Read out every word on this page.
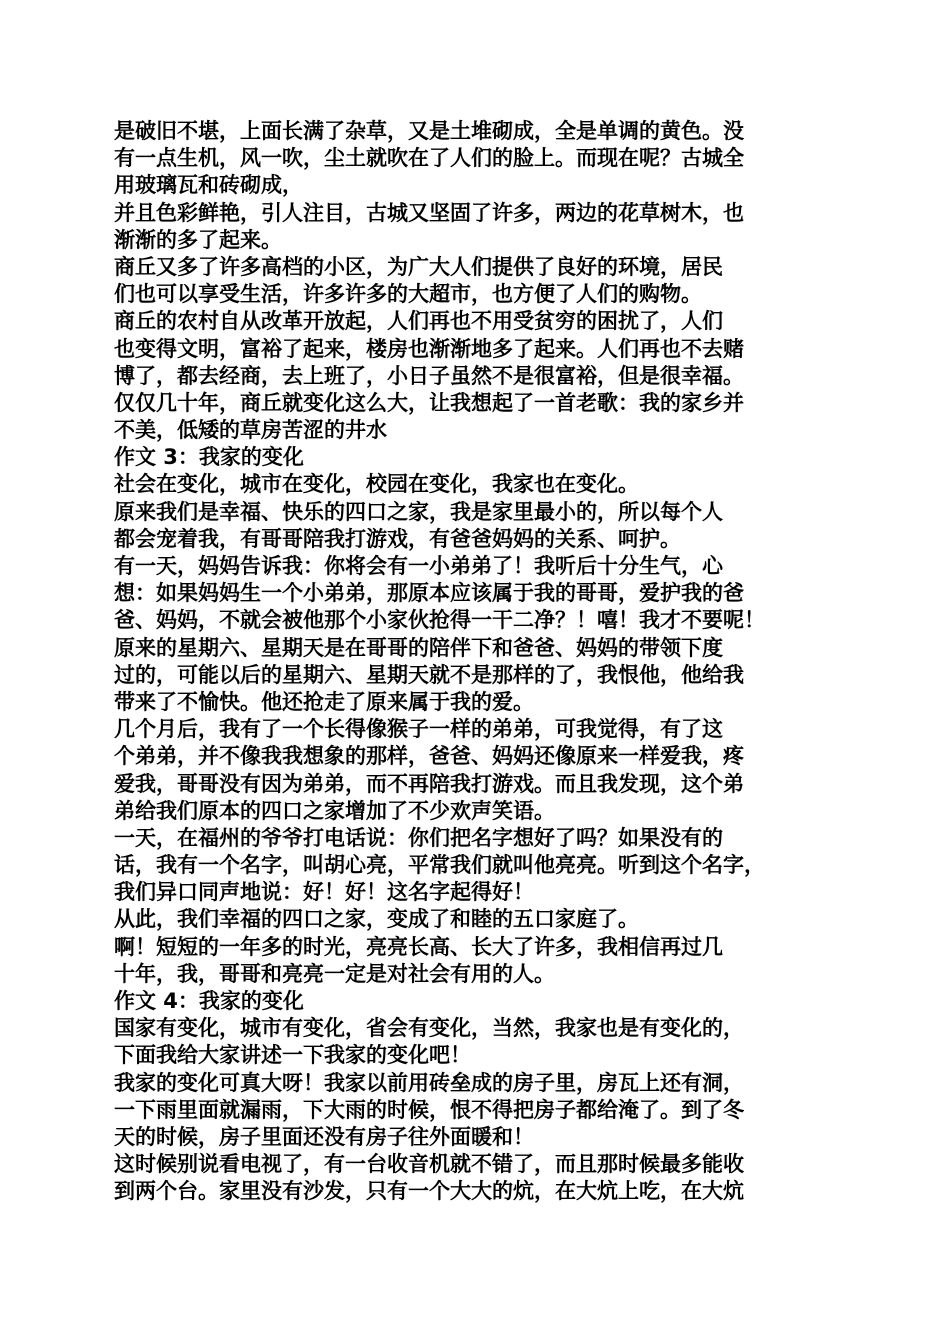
是破旧不堪，上面长满了杂草，又是土堆砌成，全是单调的黄色。没
有一点生机，风一吹，尘土就吹在了人们的脸上。而现在呢？古城全
用玻璃瓦和砖砌成，
并且色彩鲜艳，引人注目，古城又坚固了许多，两边的花草树木，也
渐渐的多了起来。
商丘又多了许多高档的小区，为广大人们提供了良好的环境，居民
们也可以享受生活，许多许多的大超市，也方便了人们的购物。
商丘的农村自从改革开放起，人们再也不用受贫穷的困扰了，人们
也变得文明，富裕了起来，楼房也渐渐地多了起来。人们再也不去赌
博了，都去经商，去上班了，小日子虽然不是很富裕，但是很幸福。
仅仅几十年，商丘就变化这么大，让我想起了一首老歌：我的家乡并
不美，低矮的草房苦涩的井水
作文 3：我家的变化
社会在变化，城市在变化，校园在变化，我家也在变化。
原来我们是幸福、快乐的四口之家，我是家里最小的，所以每个人
都会宠着我，有哥哥陪我打游戏，有爸爸妈妈的关系、呵护。
有一天，妈妈告诉我：你将会有一小弟弟了！我听后十分生气，心
想：如果妈妈生一个小弟弟，那原本应该属于我的哥哥，爱护我的爸
爸、妈妈，不就会被他那个小家伙抢得一干二净？！嘻！我才不要呢！
原来的星期六、星期天是在哥哥的陪伴下和爸爸、妈妈的带领下度
过的，可能以后的星期六、星期天就不是那样的了，我恨他，他给我
带来了不愉快。他还抢走了原来属于我的爱。
几个月后，我有了一个长得像猴子一样的弟弟，可我觉得，有了这
个弟弟，并不像我我想象的那样，爸爸、妈妈还像原来一样爱我，疼
爱我，哥哥没有因为弟弟，而不再陪我打游戏。而且我发现，这个弟
弟给我们原本的四口之家增加了不少欢声笑语。
一天，在福州的爷爷打电话说：你们把名字想好了吗？如果没有的
话，我有一个名字，叫胡心亮，平常我们就叫他亮亮。听到这个名字，
我们异口同声地说：好！好！这名字起得好！
从此，我们幸福的四口之家，变成了和睦的五口家庭了。
啊！短短的一年多的时光，亮亮长高、长大了许多，我相信再过几
十年，我，哥哥和亮亮一定是对社会有用的人。
作文 4：我家的变化
国家有变化，城市有变化，省会有变化，当然，我家也是有变化的，
下面我给大家讲述一下我家的变化吧！
我家的变化可真大呀！我家以前用砖垒成的房子里，房瓦上还有洞，
一下雨里面就漏雨，下大雨的时候，恨不得把房子都给淹了。到了冬
天的时候，房子里面还没有房子往外面暖和！
这时候别说看电视了，有一台收音机就不错了，而且那时候最多能收
到两个台。家里没有沙发，只有一个大大的炕，在大炕上吃，在大炕
